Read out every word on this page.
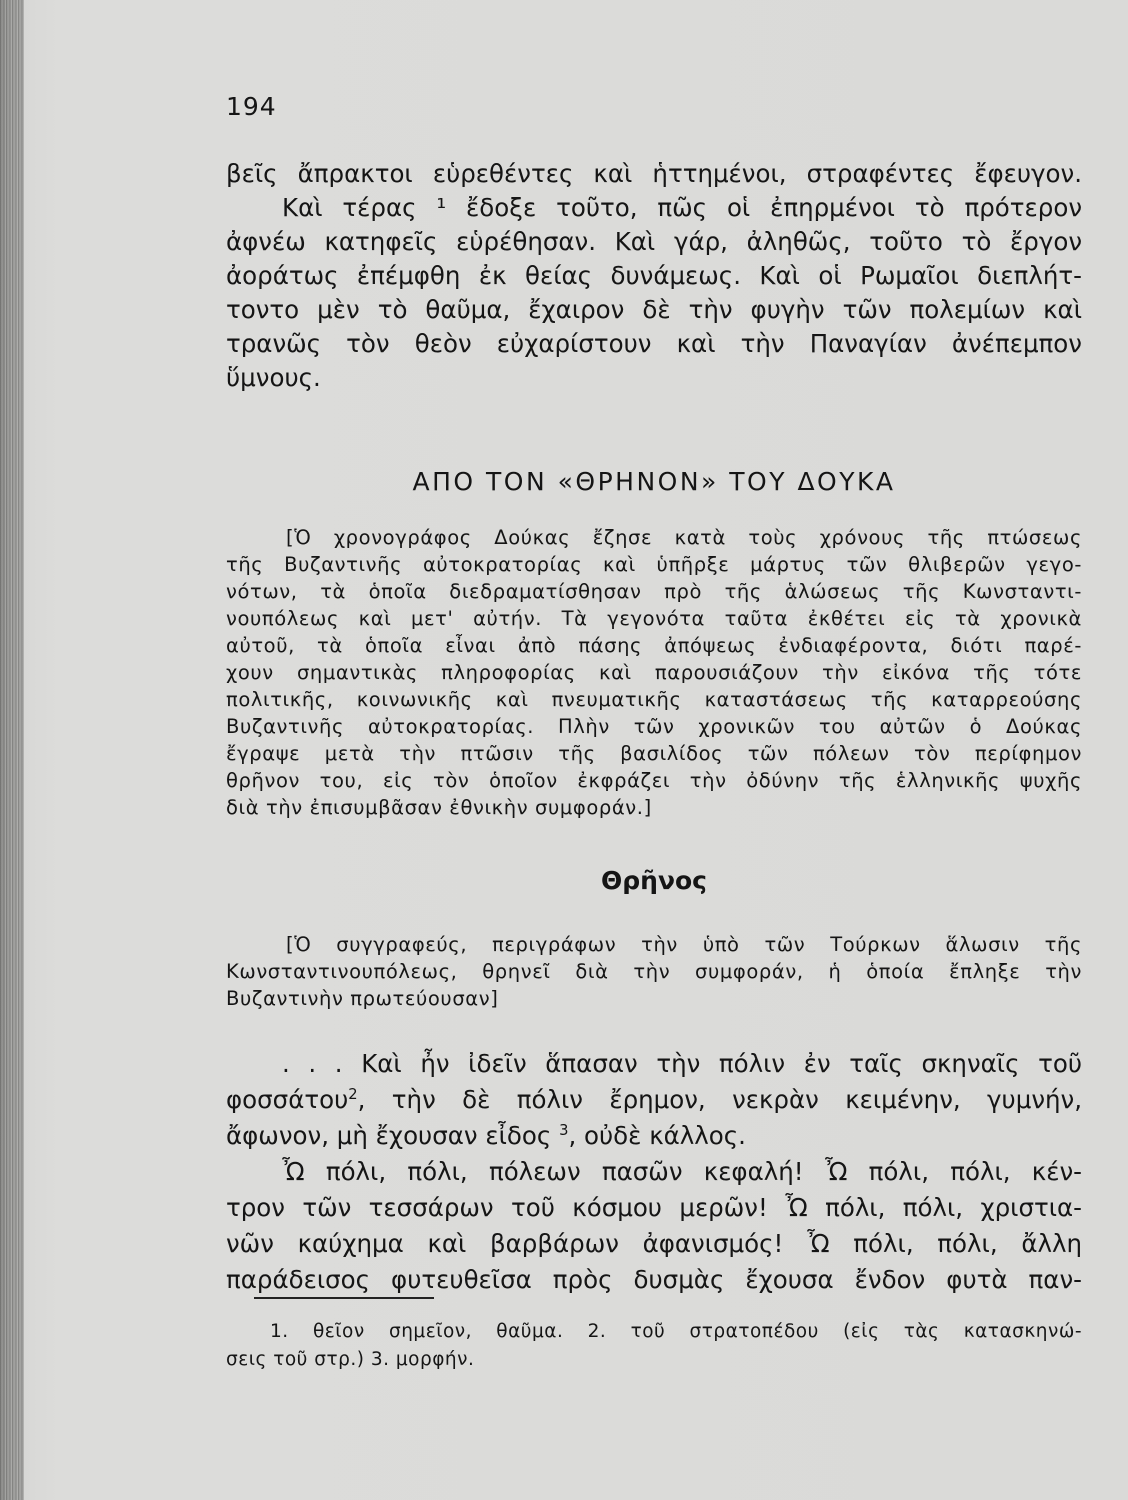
194

βεῖς ἄπρακτοι εὑρεθέντες καὶ ἡττημένοι, στραφέντες ἔφευγον.

Καὶ τέρας ¹ ἔδοξε τοῦτο, πῶς οἱ ἐπηρμένοι τὸ πρότερον

ἀφνέω κατηφεῖς εὑρέθησαν. Καὶ γάρ, ἀληθῶς, τοῦτο τὸ ἔργον

ἀοράτως ἐπέμφθη ἐκ θείας δυνάμεως. Καὶ οἱ Ρωμαῖοι διεπλήτ-

τοντο μὲν τὸ θαῦμα, ἔχαιρον δὲ τὴν φυγὴν τῶν πολεμίων καὶ

τρανῶς τὸν θεὸν εὐχαρίστουν καὶ τὴν Παναγίαν ἀνέπεμπον

ὕμνους.

ΑΠΟ ΤΟΝ «ΘΡΗΝΟΝ» ΤΟΥ ΔΟΥΚΑ

[Ὁ χρονογράφος Δούκας ἔζησε κατὰ τοὺς χρόνους τῆς πτώσεως

τῆς Βυζαντινῆς αὐτοκρατορίας καὶ ὑπῆρξε μάρτυς τῶν θλιβερῶν γεγο-

νότων, τὰ ὁποῖα διεδραματίσθησαν πρὸ τῆς ἁλώσεως τῆς Κωνσταντι-

νουπόλεως καὶ μετ' αὐτήν. Τὰ γεγονότα ταῦτα ἐκθέτει εἰς τὰ χρονικὰ

αὐτοῦ, τὰ ὁποῖα εἶναι ἀπὸ πάσης ἀπόψεως ἐνδιαφέροντα, διότι παρέ-

χουν σημαντικὰς πληροφορίας καὶ παρουσιάζουν τὴν εἰκόνα τῆς τότε

πολιτικῆς, κοινωνικῆς καὶ πνευματικῆς καταστάσεως τῆς καταρρεούσης

Βυζαντινῆς αὐτοκρατορίας. Πλὴν τῶν χρονικῶν του αὐτῶν ὁ Δούκας

ἔγραψε μετὰ τὴν πτῶσιν τῆς βασιλίδος τῶν πόλεων τὸν περίφημον

θρῆνον του, εἰς τὸν ὁποῖον ἐκφράζει τὴν ὀδύνην τῆς ἑλληνικῆς ψυχῆς

διὰ τὴν ἐπισυμβᾶσαν ἐθνικὴν συμφοράν.]

Θρῆνος

[Ὁ συγγραφεύς, περιγράφων τὴν ὑπὸ τῶν Τούρκων ἅλωσιν τῆς

Κωνσταντινουπόλεως, θρηνεῖ διὰ τὴν συμφοράν, ἡ ὁποία ἔπληξε τὴν

Βυζαντινὴν πρωτεύουσαν]

. . . Καὶ ἦν ἰδεῖν ἅπασαν τὴν πόλιν ἐν ταῖς σκηναῖς τοῦ

φοσσάτου$^2$, τὴν δὲ πόλιν ἔρημον, νεκρὰν κειμένην, γυμνήν,

ἄφωνον, μὴ ἔχουσαν εἶδος $^3$, οὐδὲ κάλλος.

Ὦ πόλι, πόλι, πόλεων πασῶν κεφαλή! Ὦ πόλι, πόλι, κέν-

τρον τῶν τεσσάρων τοῦ κόσμου μερῶν! Ὦ πόλι, πόλι, χριστια-

νῶν καύχημα καὶ βαρβάρων ἀφανισμός! Ὦ πόλι, πόλι, ἄλλη

παράδεισος φυτευθεῖσα πρὸς δυσμὰς ἔχουσα ἔνδον φυτὰ παν-

1. θεῖον σημεῖον, θαῦμα. 2. τοῦ στρατοπέδου (εἰς τὰς κατασκηνώ-

σεις τοῦ στρ.) 3. μορφήν.
